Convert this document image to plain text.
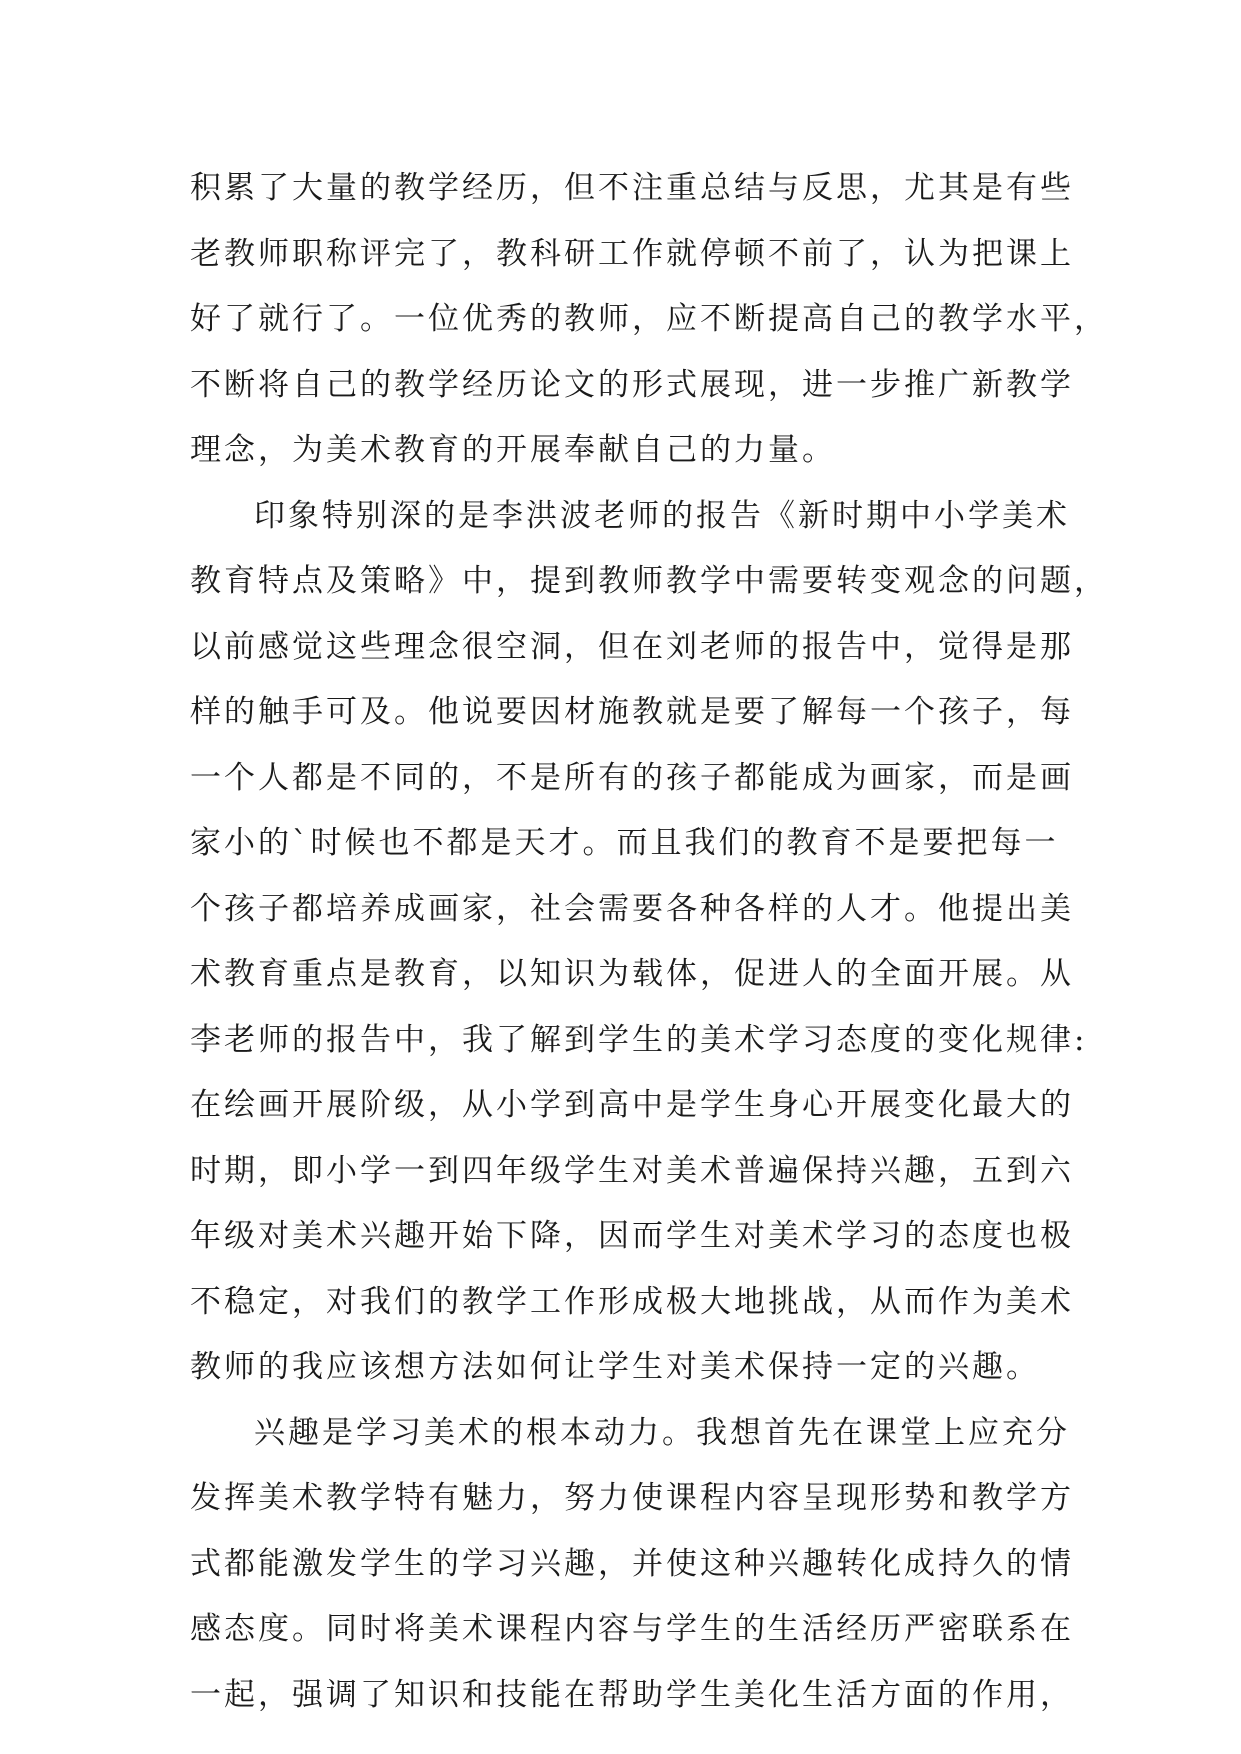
积累了大量的教学经历，但不注重总结与反思，尤其是有些
老教师职称评完了，教科研工作就停顿不前了，认为把课上
好了就行了。一位优秀的教师，应不断提高自己的教学水平，
不断将自己的教学经历论文的形式展现，进一步推广新教学
理念，为美术教育的开展奉献自己的力量。
印象特别深的是李洪波老师的报告《新时期中小学美术
教育特点及策略》中，提到教师教学中需要转变观念的问题，
以前感觉这些理念很空洞，但在刘老师的报告中，觉得是那
样的触手可及。他说要因材施教就是要了解每一个孩子，每
一个人都是不同的，不是所有的孩子都能成为画家，而是画
家小的`时候也不都是天才。而且我们的教育不是要把每一
个孩子都培养成画家，社会需要各种各样的人才。他提出美
术教育重点是教育，以知识为载体，促进人的全面开展。从
李老师的报告中，我了解到学生的美术学习态度的变化规律:
在绘画开展阶级，从小学到高中是学生身心开展变化最大的
时期，即小学一到四年级学生对美术普遍保持兴趣，五到六
年级对美术兴趣开始下降，因而学生对美术学习的态度也极
不稳定，对我们的教学工作形成极大地挑战，从而作为美术
教师的我应该想方法如何让学生对美术保持一定的兴趣。
兴趣是学习美术的根本动力。我想首先在课堂上应充分
发挥美术教学特有魅力，努力使课程内容呈现形势和教学方
式都能激发学生的学习兴趣，并使这种兴趣转化成持久的情
感态度。同时将美术课程内容与学生的生活经历严密联系在
一起，强调了知识和技能在帮助学生美化生活方面的作用，
